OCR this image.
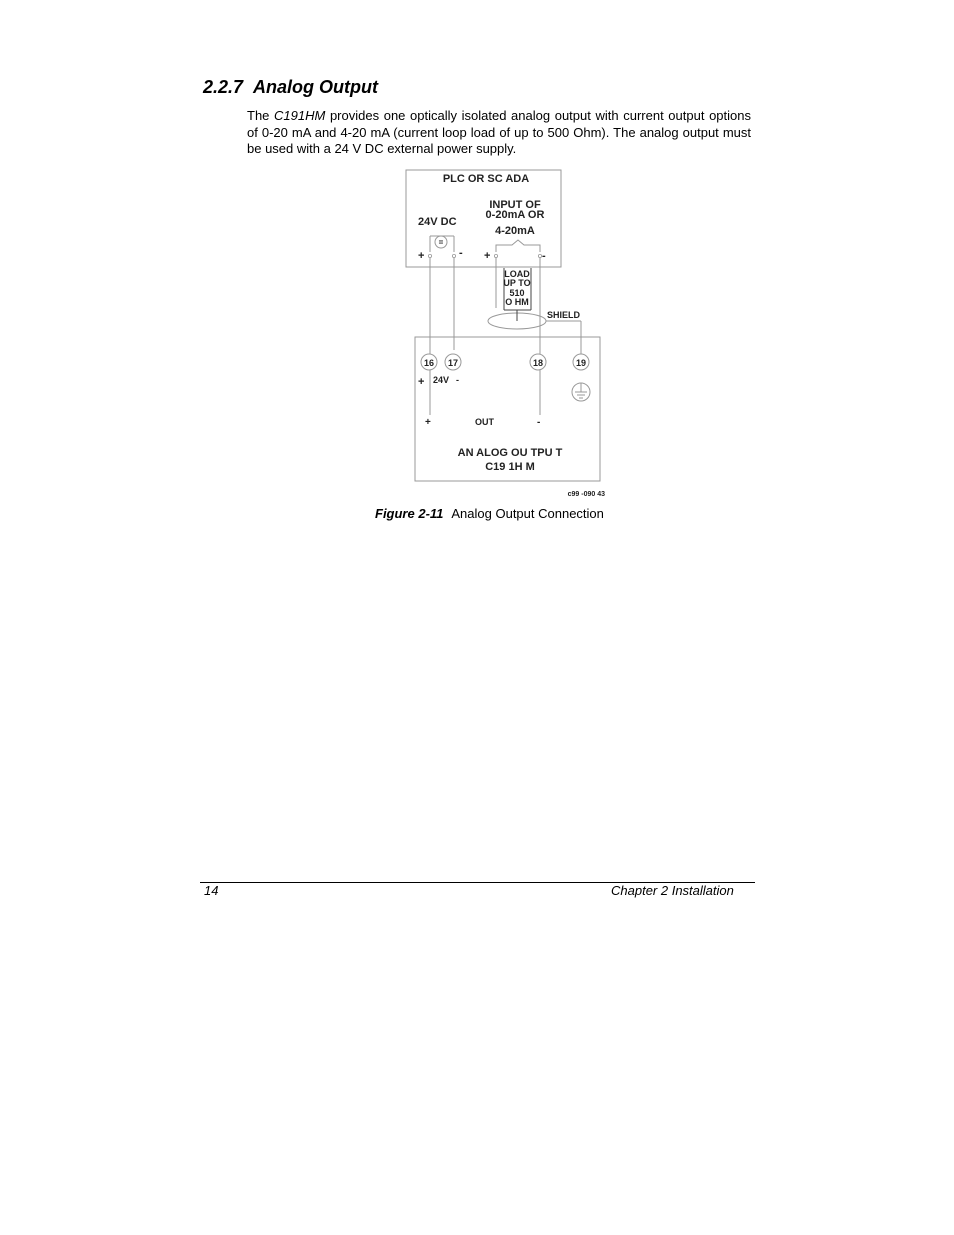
2.2.7 Analog Output
The C191HM provides one optically isolated analog output with current output options of 0-20 mA and 4-20 mA (current loop load of up to 500 Ohm). The analog output must be used with a 24 V DC external power supply.
PLC OR SC ADA
24V DC
INPUT OF
0-20mA OR
4-20mA
=
+	- +	-
LOAD
UP TO
510
O HM
SHIELD
16 17	18	19
+ 24V -
+	OUT	-
AN ALOG OU TPU T
C19 1H M
c99 -090 43
Figure 2-11 Analog Output Connection
14	Chapter 2 Installation
